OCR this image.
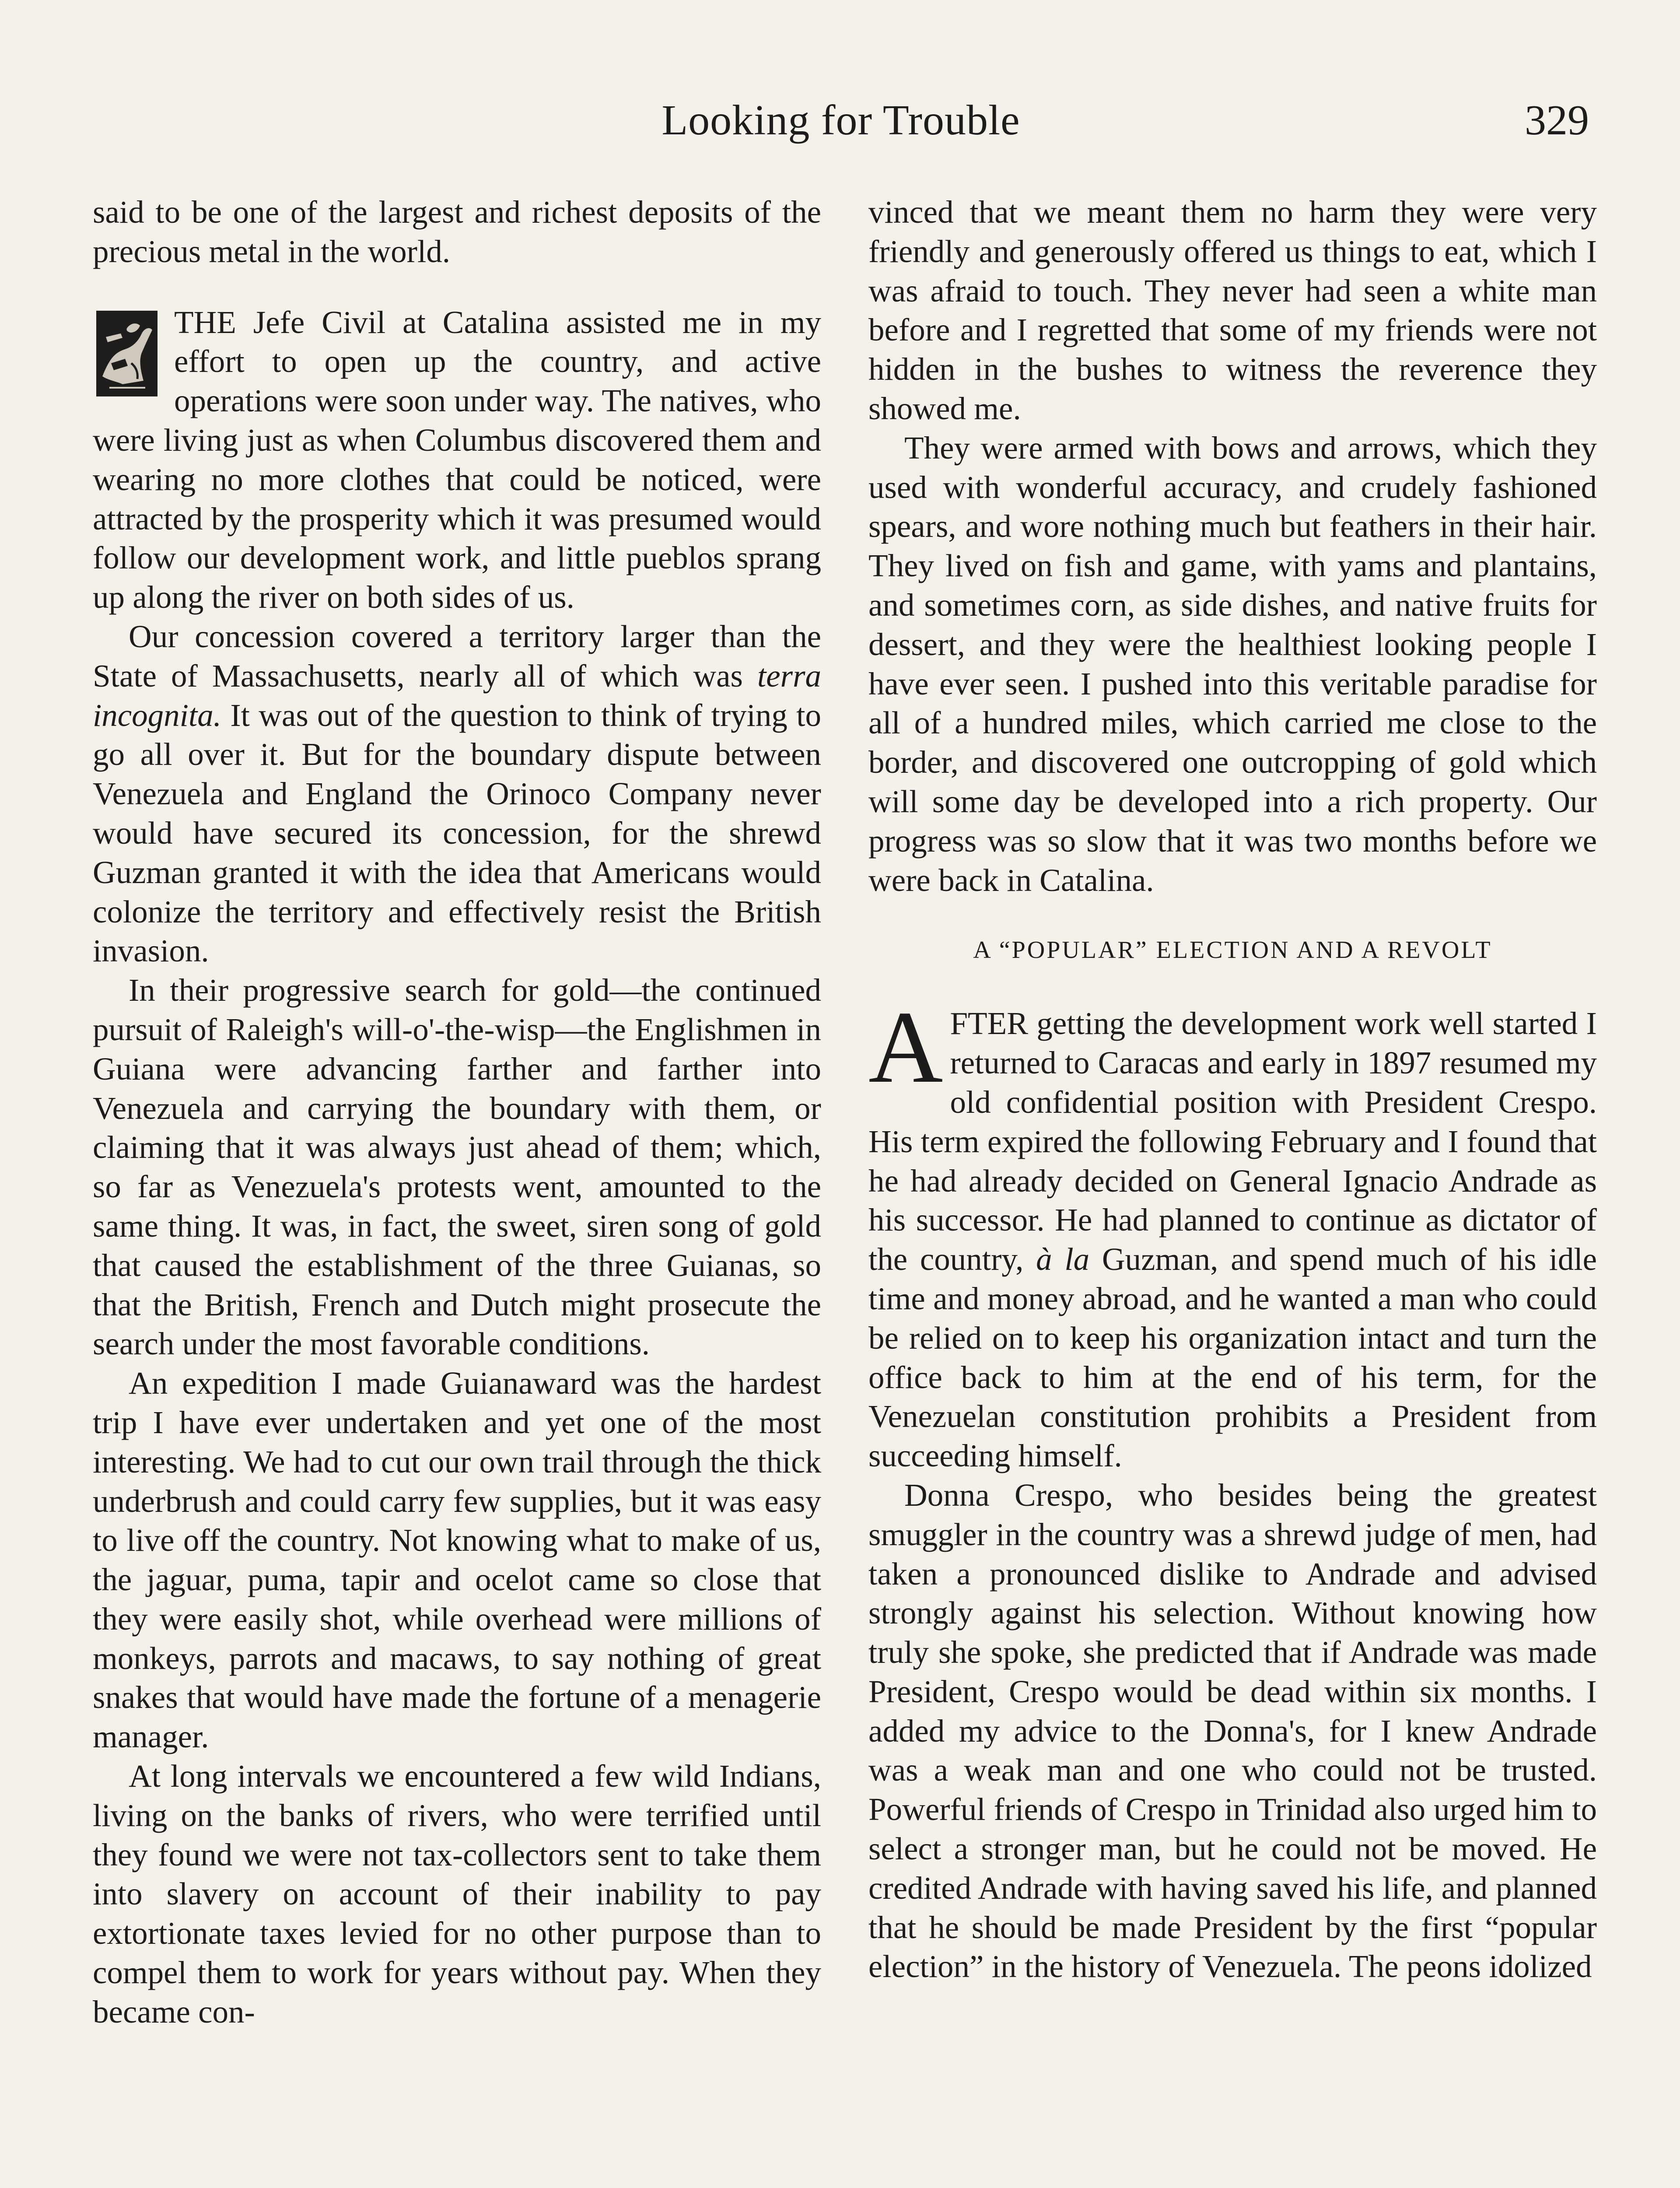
Looking for Trouble	329

said to be one of the largest and richest deposits of the precious metal in the world.

THE Jefe Civil at Catalina assisted me in my effort to open up the country, and active operations were soon under way. The natives, who were living just as when Columbus discovered them and wearing no more clothes that could be noticed, were attracted by the prosperity which it was presumed would follow our development work, and little pueblos sprang up along the river on both sides of us.

Our concession covered a territory larger than the State of Massachusetts, nearly all of which was terra incognita. It was out of the question to think of trying to go all over it. But for the boundary dispute between Venezuela and England the Orinoco Company never would have secured its concession, for the shrewd Guzman granted it with the idea that Americans would colonize the territory and effectively resist the British invasion.

In their progressive search for gold—the continued pursuit of Raleigh's will-o'-the-wisp—the Englishmen in Guiana were advancing farther and farther into Venezuela and carrying the boundary with them, or claiming that it was always just ahead of them; which, so far as Venezuela's protests went, amounted to the same thing. It was, in fact, the sweet, siren song of gold that caused the establishment of the three Guianas, so that the British, French and Dutch might prosecute the search under the most favorable conditions.

An expedition I made Guianaward was the hardest trip I have ever undertaken and yet one of the most interesting. We had to cut our own trail through the thick underbrush and could carry few supplies, but it was easy to live off the country. Not knowing what to make of us, the jaguar, puma, tapir and ocelot came so close that they were easily shot, while overhead were millions of monkeys, parrots and macaws, to say nothing of great snakes that would have made the fortune of a menagerie manager.

At long intervals we encountered a few wild Indians, living on the banks of rivers, who were terrified until they found we were not tax-collectors sent to take them into slavery on account of their inability to pay extortionate taxes levied for no other purpose than to compel them to work for years without pay. When they became con-

vinced that we meant them no harm they were very friendly and generously offered us things to eat, which I was afraid to touch. They never had seen a white man before and I regretted that some of my friends were not hidden in the bushes to witness the reverence they showed me.

They were armed with bows and arrows, which they used with wonderful accuracy, and crudely fashioned spears, and wore nothing much but feathers in their hair. They lived on fish and game, with yams and plantains, and sometimes corn, as side dishes, and native fruits for dessert, and they were the healthiest looking people I have ever seen. I pushed into this veritable paradise for all of a hundred miles, which carried me close to the border, and discovered one outcropping of gold which will some day be developed into a rich property. Our progress was so slow that it was two months before we were back in Catalina.

A “POPULAR” ELECTION AND A REVOLT
A FTER getting the development work well started I returned to Caracas and early in 1897 resumed my old confidential position with President Crespo. His term expired the following February and I found that he had already decided on General Ignacio Andrade as his successor. He had planned to continue as dictator of the country, à la Guzman, and spend much of his idle time and money abroad, and he wanted a man who could be relied on to keep his organization intact and turn the office back to him at the end of his term, for the Venezuelan constitution prohibits a President from succeeding himself.

Donna Crespo, who besides being the greatest smuggler in the country was a shrewd judge of men, had taken a pronounced dislike to Andrade and advised strongly against his selection. Without knowing how truly she spoke, she predicted that if Andrade was made President, Crespo would be dead within six months. I added my advice to the Donna's, for I knew Andrade was a weak man and one who could not be trusted. Powerful friends of Crespo in Trinidad also urged him to select a stronger man, but he could not be moved. He credited Andrade with having saved his life, and planned that he should be made President by the first “popular election” in the history of Venezuela. The peons idolized
